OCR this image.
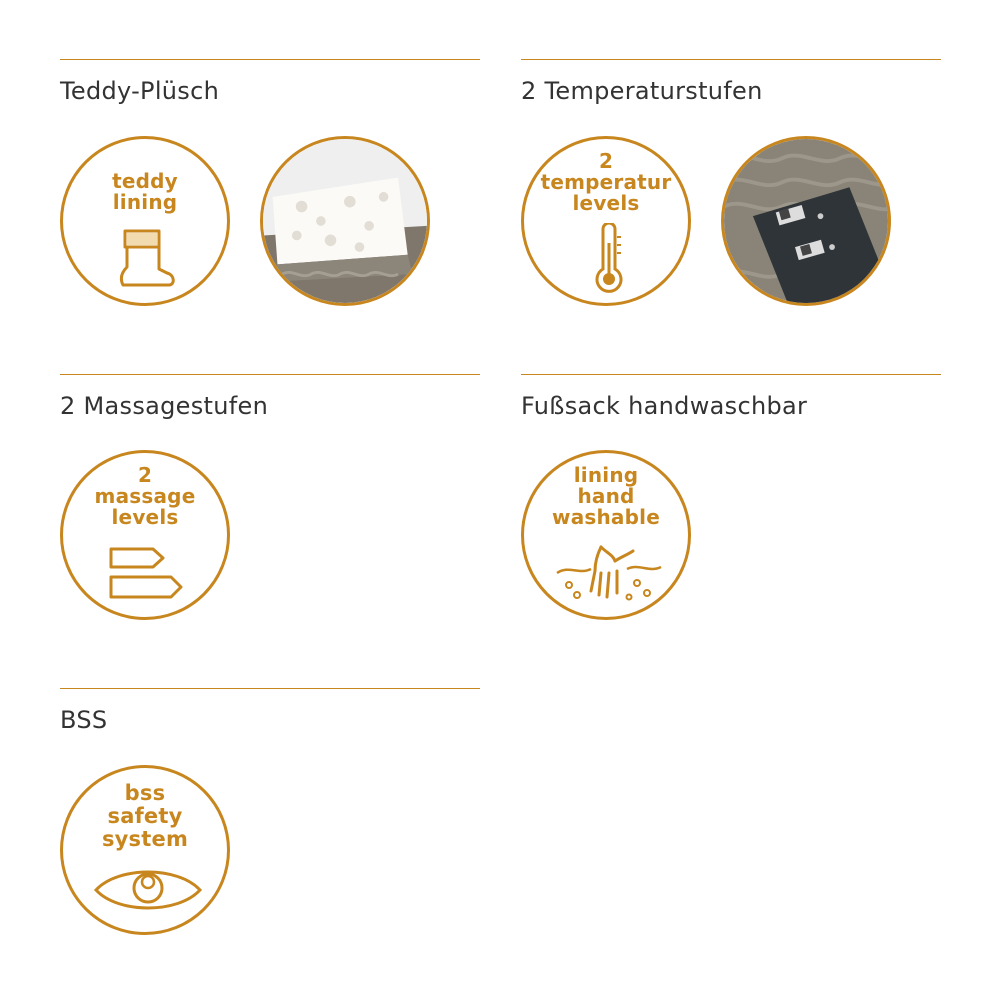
Teddy-Plüsch
teddy
lining
2 Temperaturstufen
2
temperatur
levels
2 Massagestufen
2
massage
levels
Fußsack handwaschbar
lining
hand
washable
BSS
bss
safety
system
